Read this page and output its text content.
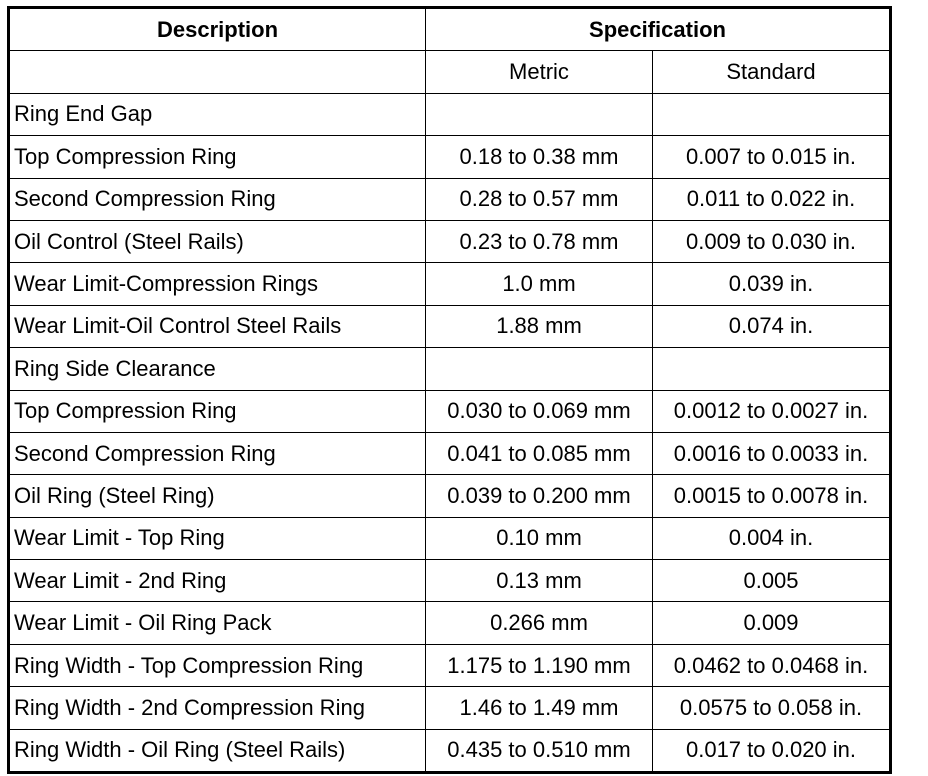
Description	Specification	
	Metric	Standard
Ring End Gap		
Top Compression Ring	0.18 to 0.38 mm	0.007 to 0.015 in.
Second Compression Ring	0.28 to 0.57 mm	0.011 to 0.022 in.
Oil Control (Steel Rails)	0.23 to 0.78 mm	0.009 to 0.030 in.
Wear Limit-Compression Rings	1.0 mm	0.039 in.
Wear Limit-Oil Control Steel Rails	1.88 mm	0.074 in.
Ring Side Clearance		
Top Compression Ring	0.030 to 0.069 mm	0.0012 to 0.0027 in.
Second Compression Ring	0.041 to 0.085 mm	0.0016 to 0.0033 in.
Oil Ring (Steel Ring)	0.039 to 0.200 mm	0.0015 to 0.0078 in.
Wear Limit - Top Ring	0.10 mm	0.004 in.
Wear Limit - 2nd Ring	0.13 mm	0.005
Wear Limit - Oil Ring Pack	0.266 mm	0.009
Ring Width - Top Compression Ring	1.175 to 1.190 mm	0.0462 to 0.0468 in.
Ring Width - 2nd Compression Ring	1.46 to 1.49 mm	0.0575 to 0.058 in.
Ring Width - Oil Ring (Steel Rails)	0.435 to 0.510 mm	0.017 to 0.020 in.
